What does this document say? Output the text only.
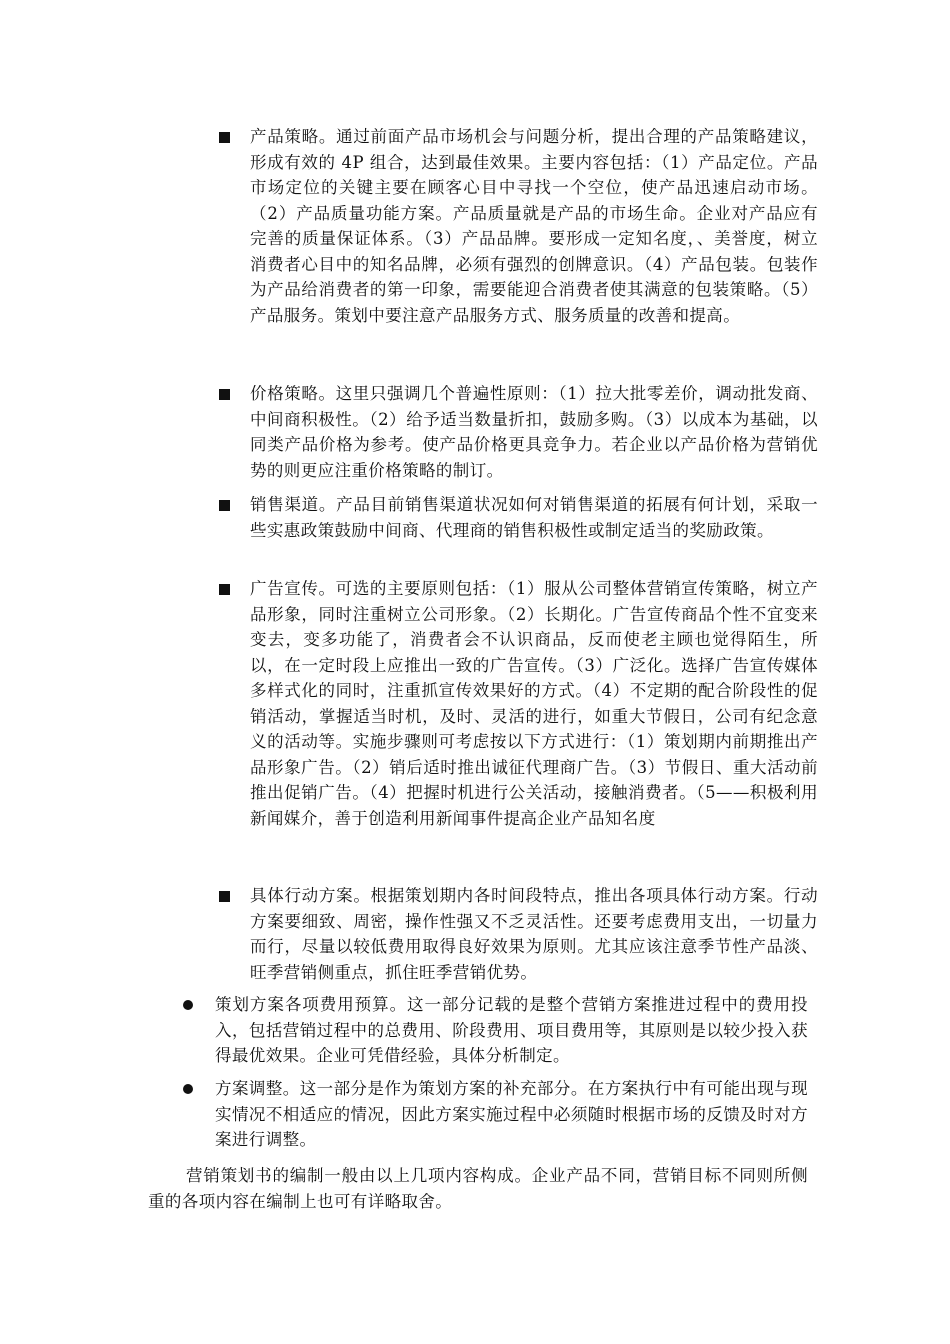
产品策略。通过前面产品市场机会与问题分析，提出合理的产品策略建议，形成有效的 4P 组合，达到最佳效果。主要内容包括：（1）产品定位。产品市场定位的关键主要在顾客心目中寻找一个空位，使产品迅速启动市场。（2）产品质量功能方案。产品质量就是产品的市场生命。企业对产品应有完善的质量保证体系。（3）产品品牌。要形成一定知名度，、美誉度，树立消费者心目中的知名品牌，必须有强烈的创牌意识。（4）产品包装。包装作为产品给消费者的第一印象，需要能迎合消费者使其满意的包装策略。（5）产品服务。策划中要注意产品服务方式、服务质量的改善和提高。
价格策略。这里只强调几个普遍性原则：（1）拉大批零差价，调动批发商、中间商积极性。（2）给予适当数量折扣，鼓励多购。（3）以成本为基础，以同类产品价格为参考。使产品价格更具竞争力。若企业以产品价格为营销优势的则更应注重价格策略的制订。
销售渠道。产品目前销售渠道状况如何对销售渠道的拓展有何计划，采取一些实惠政策鼓励中间商、代理商的销售积极性或制定适当的奖励政策。
广告宣传。可选的主要原则包括：（1）服从公司整体营销宣传策略，树立产品形象，同时注重树立公司形象。（2）长期化。广告宣传商品个性不宜变来变去，变多功能了，消费者会不认识商品，反而使老主顾也觉得陌生，所以，在一定时段上应推出一致的广告宣传。（3）广泛化。选择广告宣传媒体多样式化的同时，注重抓宣传效果好的方式。（4）不定期的配合阶段性的促销活动，掌握适当时机，及时、灵活的进行，如重大节假日，公司有纪念意义的活动等。实施步骤则可考虑按以下方式进行：（1）策划期内前期推出产品形象广告。（2）销后适时推出诚征代理商广告。（3）节假日、重大活动前推出促销广告。（4）把握时机进行公关活动，接触消费者。（5——积极利用新闻媒介，善于创造利用新闻事件提高企业产品知名度
具体行动方案。根据策划期内各时间段特点，推出各项具体行动方案。行动方案要细致、周密，操作性强又不乏灵活性。还要考虑费用支出，一切量力而行，尽量以较低费用取得良好效果为原则。尤其应该注意季节性产品淡、旺季营销侧重点，抓住旺季营销优势。
策划方案各项费用预算。这一部分记载的是整个营销方案推进过程中的费用投入，包括营销过程中的总费用、阶段费用、项目费用等，其原则是以较少投入获得最优效果。企业可凭借经验，具体分析制定。
方案调整。这一部分是作为策划方案的补充部分。在方案执行中有可能出现与现实情况不相适应的情况，因此方案实施过程中必须随时根据市场的反馈及时对方案进行调整。
营销策划书的编制一般由以上几项内容构成。企业产品不同，营销目标不同则所侧重的各项内容在编制上也可有详略取舍。
